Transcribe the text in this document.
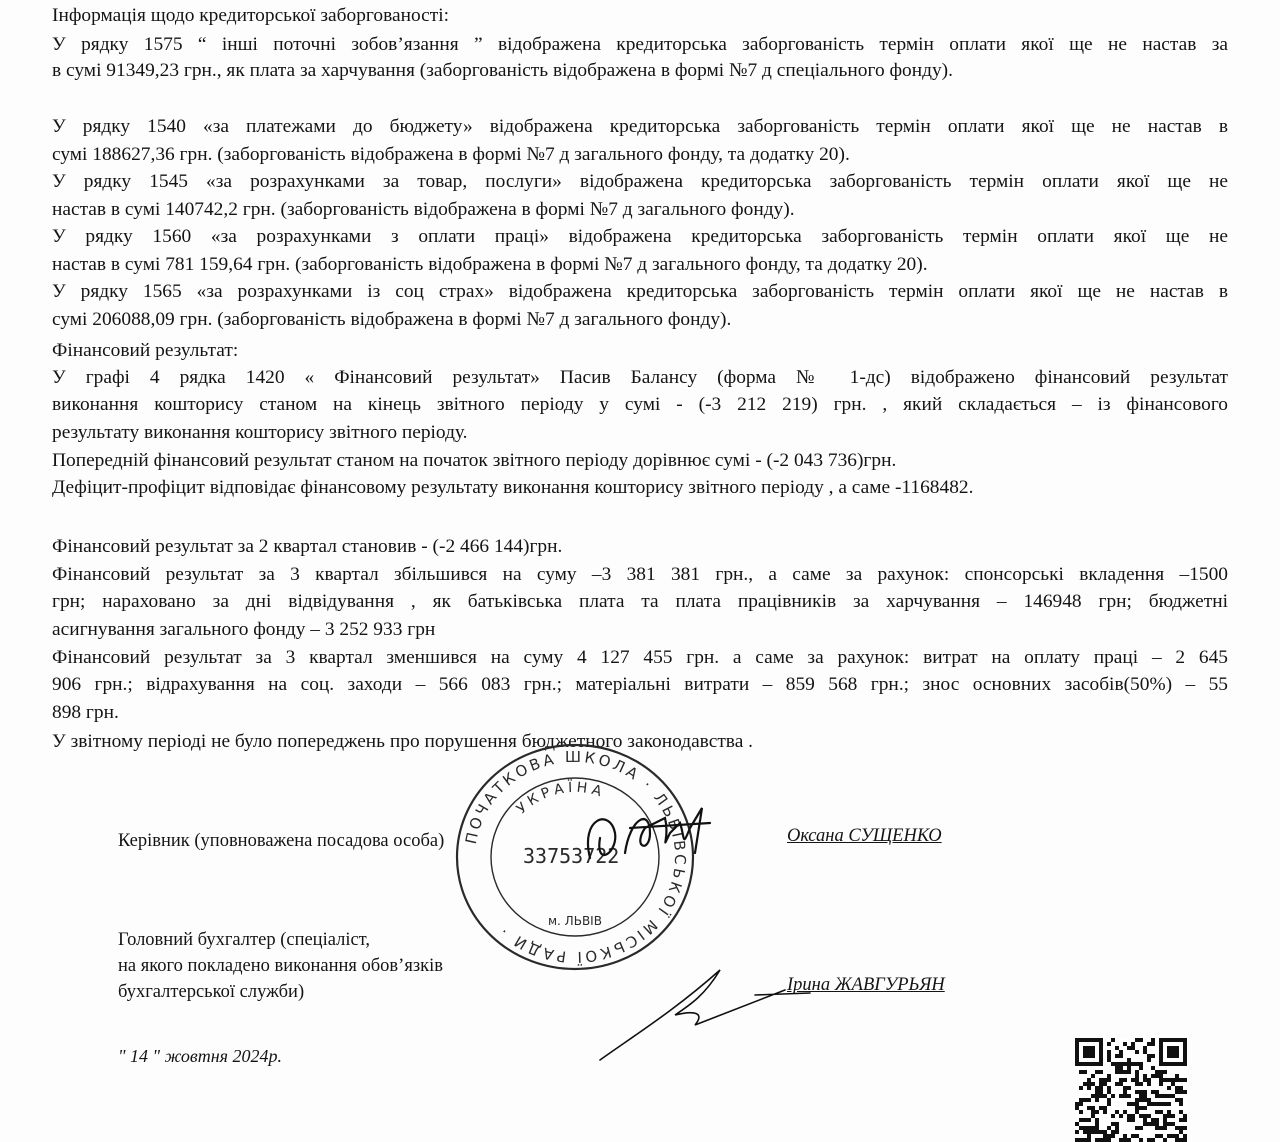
Інформація щодо кредиторської заборгованості:
У рядку 1575 “ інші поточні зобов’язання ” відображена кредиторська заборгованість термін оплати якої ще не настав за
в сумі 91349,23 грн., як плата за харчування (заборгованість відображена в формі №7 д спеціального фонду).
У рядку 1540 «за платежами до бюджету» відображена кредиторська заборгованість термін оплати якої ще не настав в
сумі 188627,36 грн. (заборгованість відображена в формі №7 д загального фонду, та додатку 20).
У рядку 1545 «за розрахунками за товар, послуги» відображена кредиторська заборгованість термін оплати якої ще не
настав в сумі 140742,2 грн. (заборгованість відображена в формі №7 д загального фонду).
У рядку 1560 «за розрахунками з оплати праці» відображена кредиторська заборгованість термін оплати якої ще не
настав в сумі 781 159,64 грн. (заборгованість відображена в формі №7 д загального фонду, та додатку 20).
У рядку 1565 «за розрахунками із соц страх» відображена кредиторська заборгованість термін оплати якої ще не настав в
сумі 206088,09 грн. (заборгованість відображена в формі №7 д загального фонду).
Фінансовий результат:
У графі 4 рядка 1420 « Фінансовий результат» Пасив Балансу (форма № 1-дс) відображено фінансовий результат
виконання кошторису станом на кінець звітного періоду у сумі - (-3 212 219) грн. , який складається – із фінансового
результату виконання кошторису звітного періоду.
Попередній фінансовий результат станом на початок звітного періоду дорівнює сумі - (-2 043 736)грн.
Дефіцит-профіцит відповідає фінансовому результату виконання кошторису звітного періоду , а саме -1168482.
Фінансовий результат за 2 квартал становив - (-2 466 144)грн.
Фінансовий результат за 3 квартал збільшився на суму –3 381 381 грн., а саме за рахунок: спонсорські вкладення –1500
грн; нараховано за дні відвідування , як батьківська плата та плата працівників за харчування – 146948 грн; бюджетні
асигнування загального фонду – 3 252 933 грн
Фінансовий результат за 3 квартал зменшився на суму 4 127 455 грн. а саме за рахунок: витрат на оплату праці – 2 645
906 грн.; відрахування на соц. заходи – 566 083 грн.; матеріальні витрати – 859 568 грн.; знос основних засобів(50%) – 55
898 грн.
У звітному періоді не було попереджень про порушення бюджетного законодавства .
Керівник (уповноважена посадова особа)	Оксана СУЩЕНКО
Головний бухгалтер (спеціаліст,
на якого покладено виконання обов’язків
бухгалтерської служби)	Ірина ЖАВГУРЬЯН
" 14 " жовтня 2024р.
ПОЧАТКОВА ШКОЛА · ЛЬВІВСЬКОЇ МІСЬКОЇ РАДИ ·
УКРАЇНА
33753722
м. ЛЬВІВ
